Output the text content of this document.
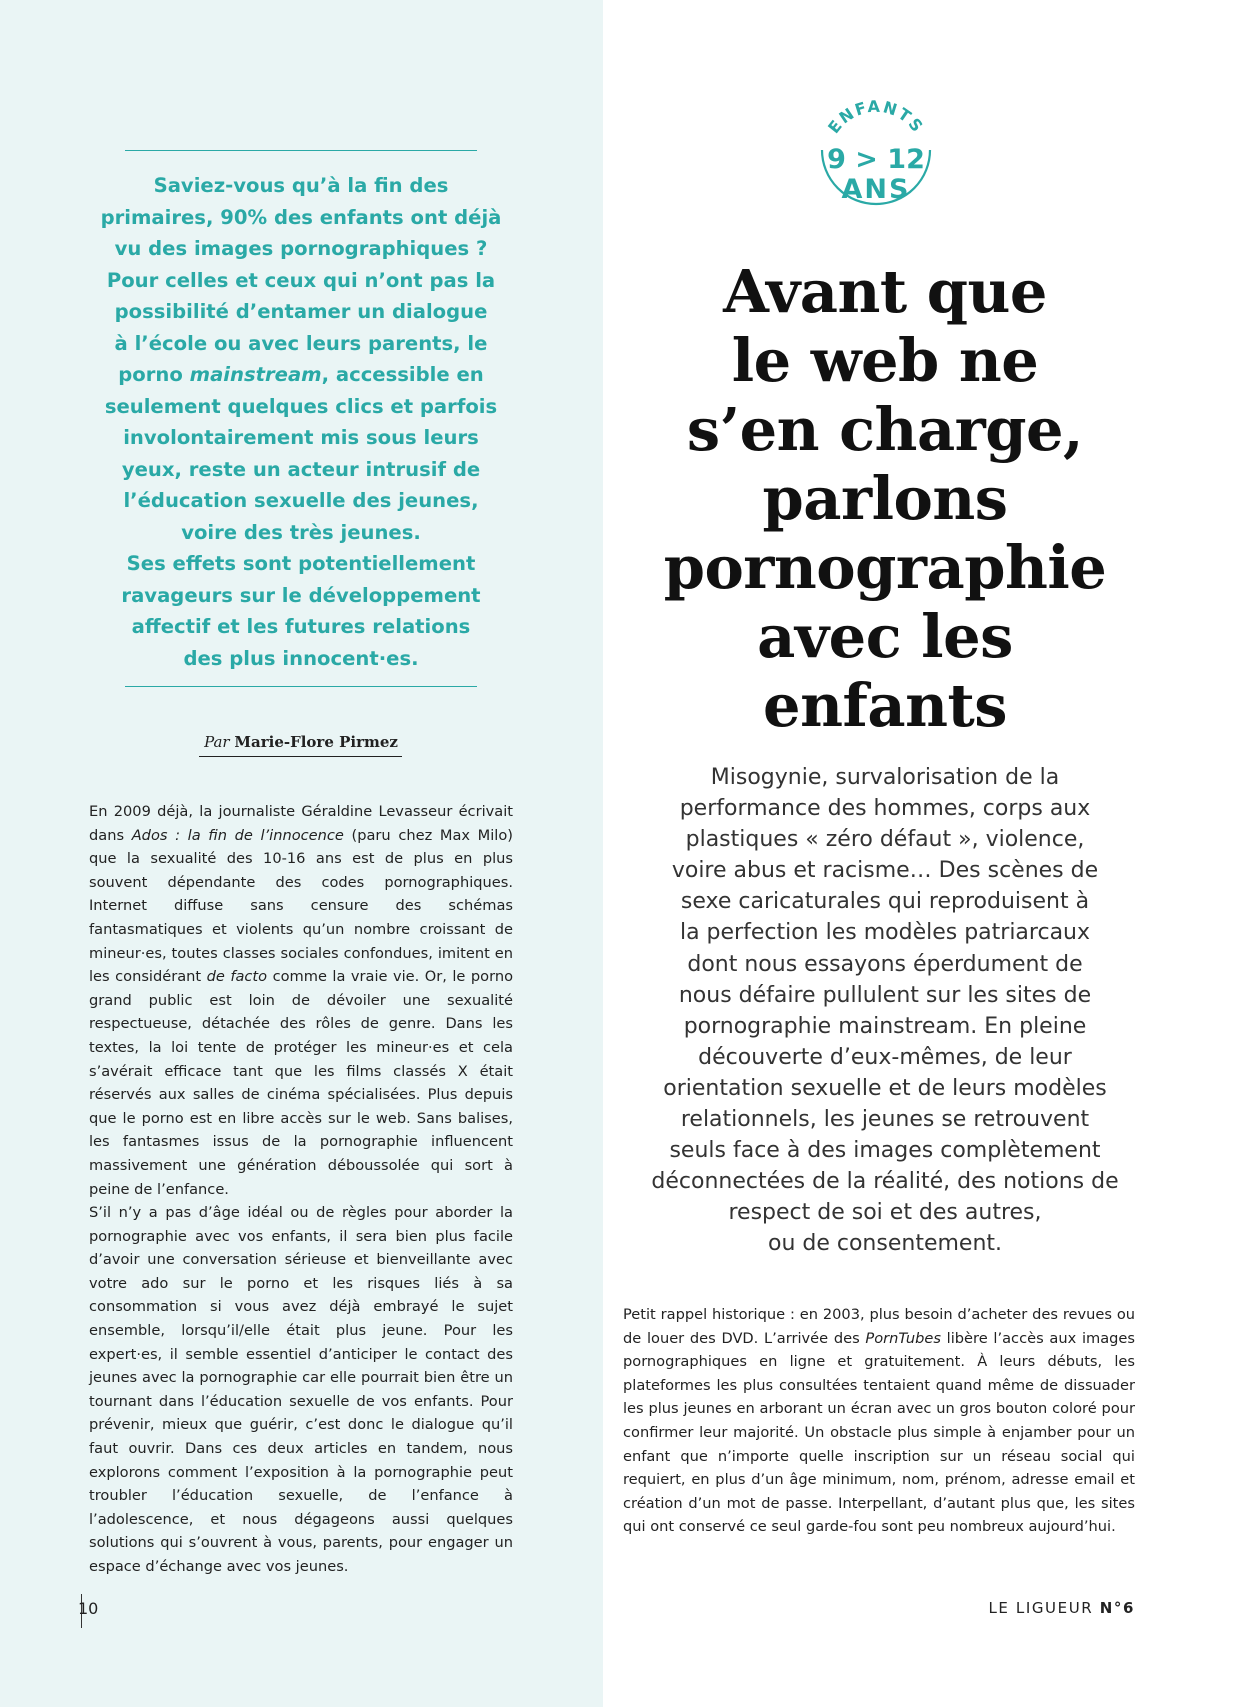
Saviez-vous qu’à la fin des
primaires, 90% des enfants ont déjà
vu des images pornographiques ?
Pour celles et ceux qui n’ont pas la
possibilité d’entamer un dialogue
à l’école ou avec leurs parents, le
porno mainstream, accessible en
seulement quelques clics et parfois
involontairement mis sous leurs
yeux, reste un acteur intrusif de
l’éducation sexuelle des jeunes,
voire des très jeunes.
Ses effets sont potentiellement
ravageurs sur le développement
affectif et les futures relations
des plus innocent·es.
Par Marie-Flore Pirmez

En 2009 déjà, la journaliste Géraldine Levasseur écrivait dans Ados : la fin de l’innocence (paru chez Max Milo) que la sexualité des 10-16 ans est de plus en plus souvent dépendante des codes pornographiques. Internet diffuse sans censure des schémas fantasmatiques et violents qu’un nombre croissant de mineur·es, toutes classes sociales confondues, imitent en les considérant de facto comme la vraie vie. Or, le porno grand public est loin de dévoiler une sexualité respectueuse, détachée des rôles de genre. Dans les textes, la loi tente de protéger les mineur·es et cela s’avérait efficace tant que les films classés X était réservés aux salles de cinéma spécialisées. Plus depuis que le porno est en libre accès sur le web. Sans balises, les fantasmes issus de la pornographie influencent massivement une génération déboussolée qui sort à peine de l’enfance.

S’il n’y a pas d’âge idéal ou de règles pour aborder la pornographie avec vos enfants, il sera bien plus facile d’avoir une conversation sérieuse et bienveillante avec votre ado sur le porno et les risques liés à sa consommation si vous avez déjà embrayé le sujet ensemble, lorsqu’il/elle était plus jeune. Pour les expert·es, il semble essentiel d’anticiper le contact des jeunes avec la pornographie car elle pourrait bien être un tournant dans l’éducation sexuelle de vos enfants. Pour prévenir, mieux que guérir, c’est donc le dialogue qu’il faut ouvrir. Dans ces deux articles en tandem, nous explorons comment l’exposition à la pornographie peut troubler l’éducation sexuelle, de l’enfance à l’adolescence, et nous dégageons aussi quelques solutions qui s’ouvrent à vous, parents, pour engager un espace d’échange avec vos jeunes.

ENFANTS
9 > 12
ANS
Avant que
le web ne
s’en charge,
parlons
pornographie
avec les
enfants
Misogynie, survalorisation de la
performance des hommes, corps aux
plastiques « zéro défaut », violence,
voire abus et racisme… Des scènes de
sexe caricaturales qui reproduisent à
la perfection les modèles patriarcaux
dont nous essayons éperdument de
nous défaire pullulent sur les sites de
pornographie mainstream. En pleine
découverte d’eux-mêmes, de leur
orientation sexuelle et de leurs modèles
relationnels, les jeunes se retrouvent
seuls face à des images complètement
déconnectées de la réalité, des notions de
respect de soi et des autres,
ou de consentement.

Petit rappel historique : en 2003, plus besoin d’acheter des revues ou de louer des DVD. L’arrivée des PornTubes libère l’accès aux images pornographiques en ligne et gratuitement. À leurs débuts, les plateformes les plus consultées tentaient quand même de dissuader les plus jeunes en arborant un écran avec un gros bouton coloré pour confirmer leur majorité. Un obstacle plus simple à enjamber pour un enfant que n’importe quelle inscription sur un réseau social qui requiert, en plus d’un âge minimum, nom, prénom, adresse email et création d’un mot de passe. Interpellant, d’autant plus que, les sites qui ont conservé ce seul garde-fou sont peu nombreux aujourd’hui.

10	LE LIGUEUR N°6
